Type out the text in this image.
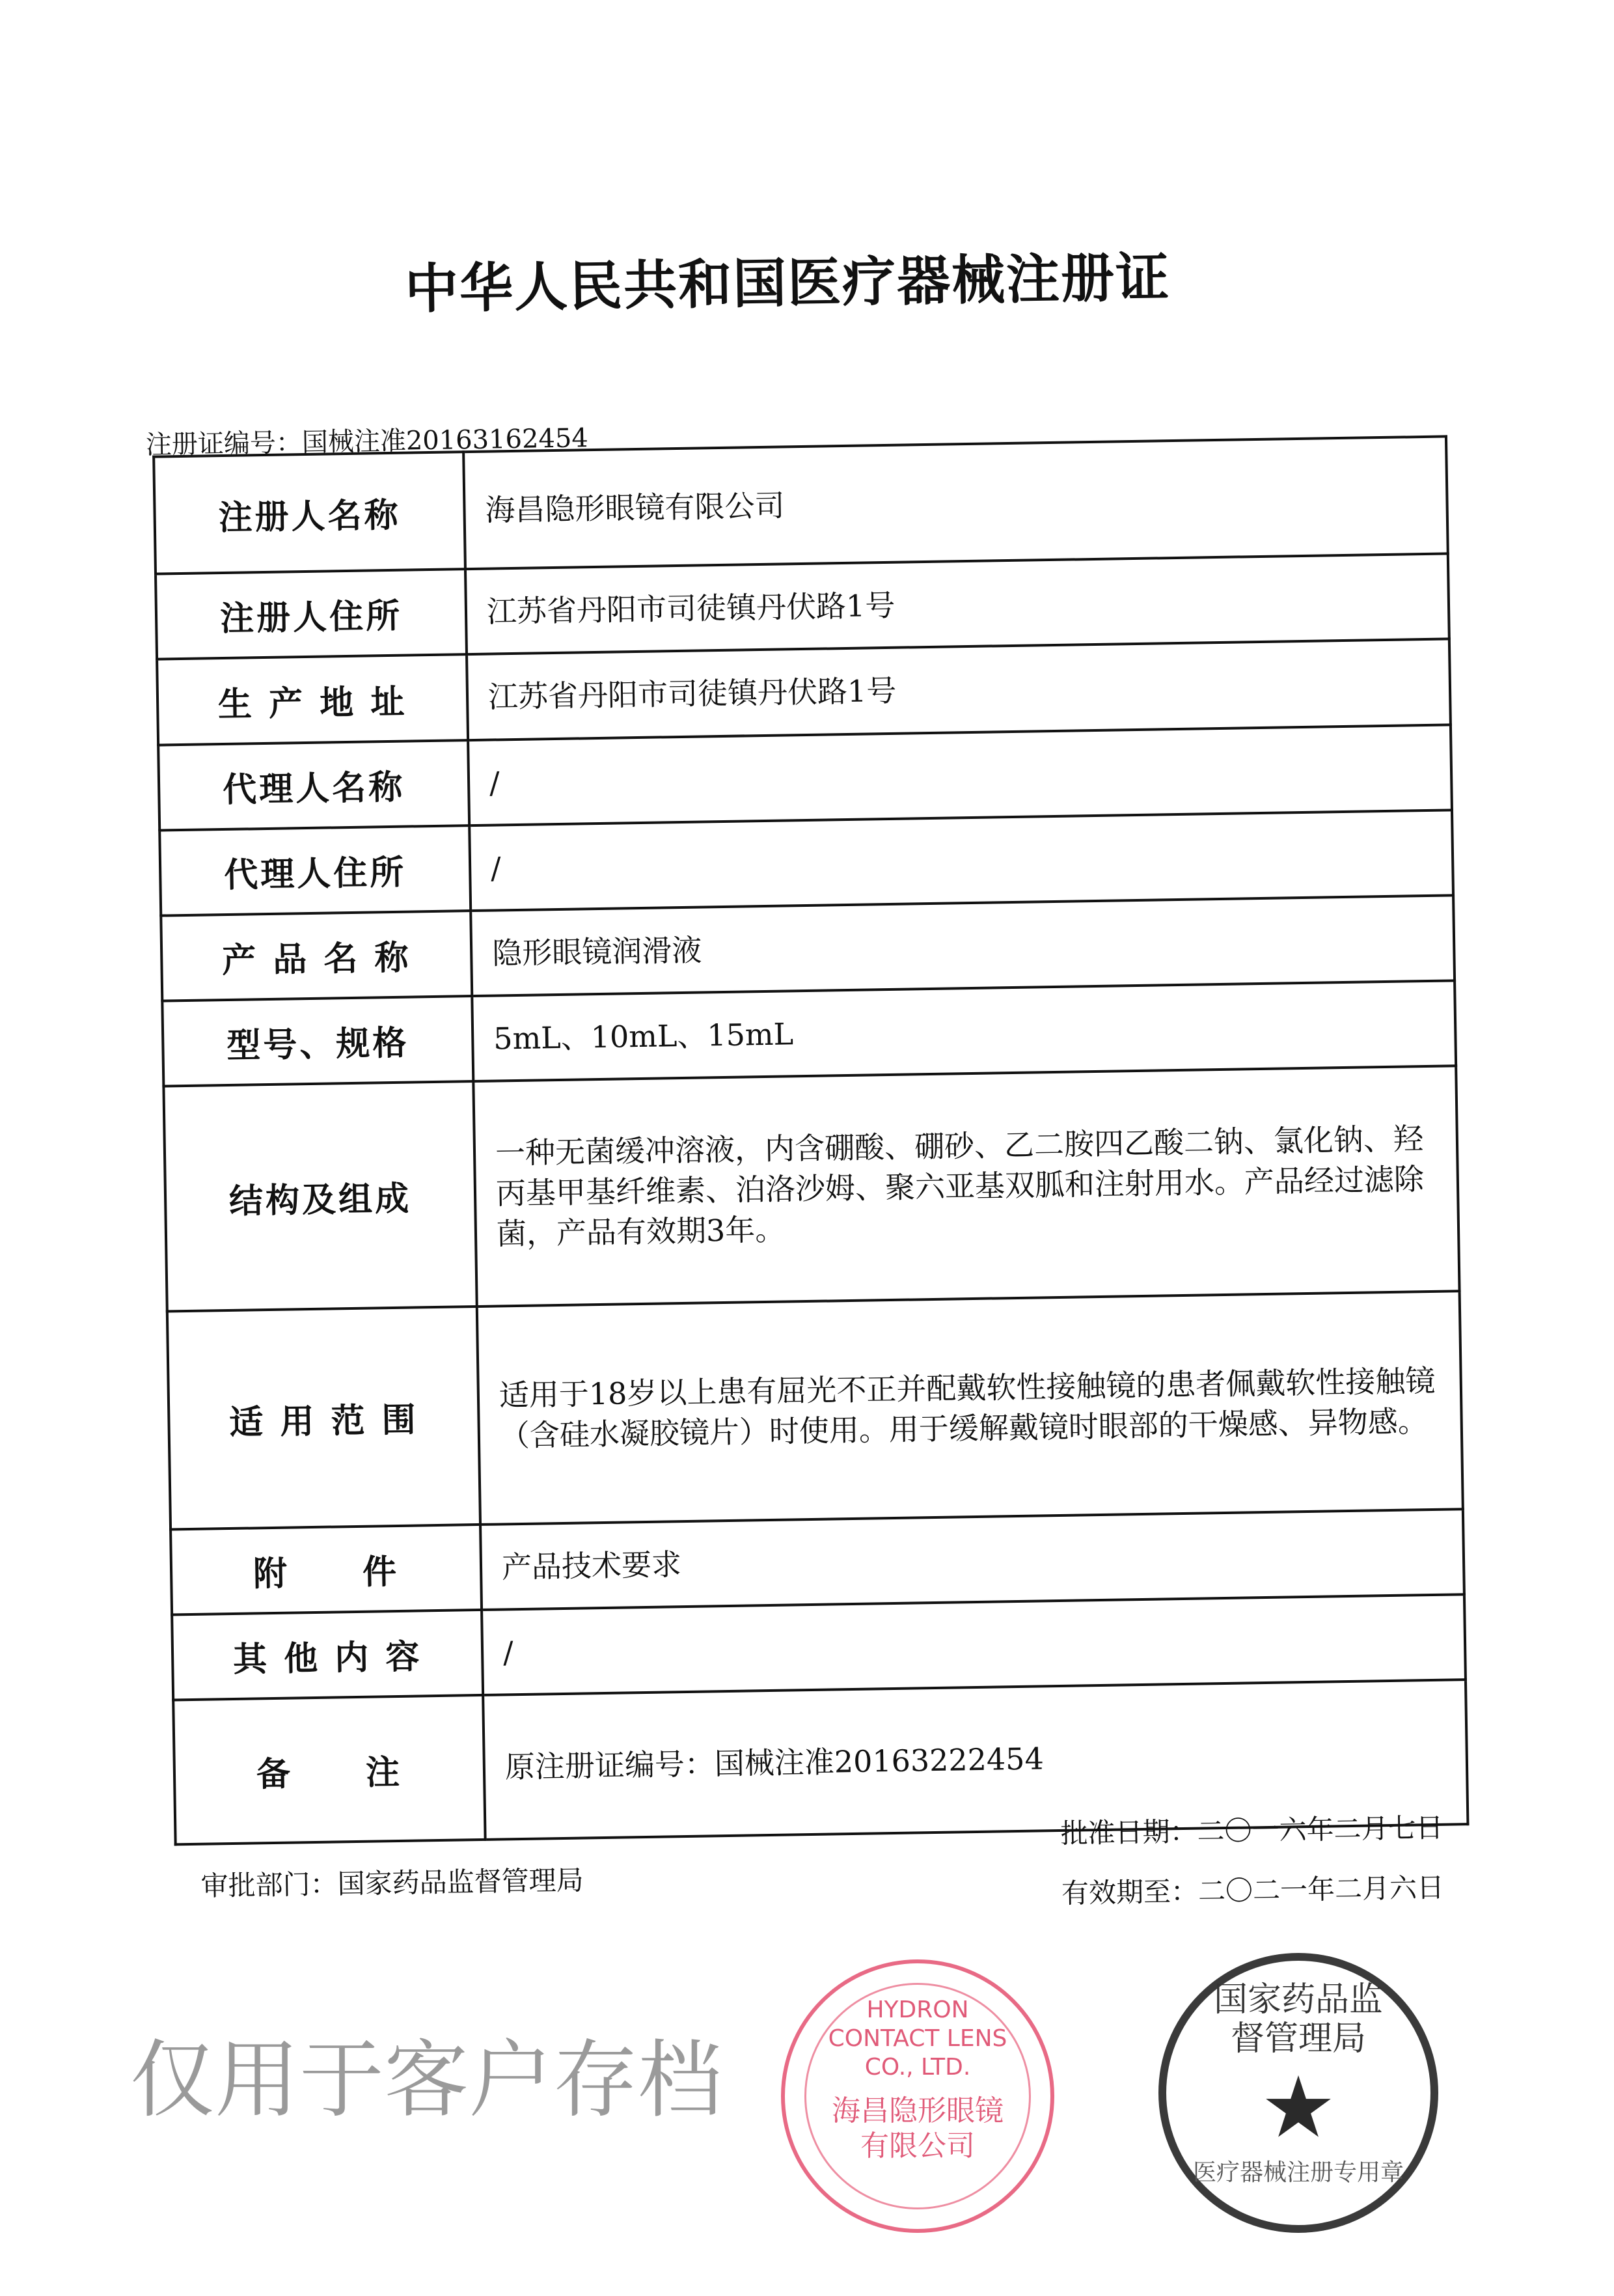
中华人民共和国医疗器械注册证
注册证编号：国械注准20163162454
注册人名称	海昌隐形眼镜有限公司
注册人住所	江苏省丹阳市司徒镇丹伏路1号
生 产 地 址	江苏省丹阳市司徒镇丹伏路1号
代理人名称	/
代理人住所	/
产 品 名 称	隐形眼镜润滑液
型号、规格	5mL、10mL、15mL
结构及组成	一种无菌缓冲溶液，内含硼酸、硼砂、乙二胺四乙酸二钠、氯化钠、羟丙基甲基纤维素、泊洛沙姆、聚六亚基双胍和注射用水。产品经过滤除菌，产品有效期3年。
适 用 范 围	适用于18岁以上患有屈光不正并配戴软性接触镜的患者佩戴软性接触镜（含硅水凝胶镜片）时使用。用于缓解戴镜时眼部的干燥感、异物感。
附　　件	产品技术要求
其 他 内 容	/
备　　注	原注册证编号：国械注准20163222454
审批部门：国家药品监督管理局
批准日期：二〇一六年二月七日
有效期至：二〇二一年二月六日
仅用于客户存档
HYDRON CONTACT LENS CO., LTD.
海昌隐形眼镜有限公司
国家药品监督管理局
★
医疗器械注册专用章
